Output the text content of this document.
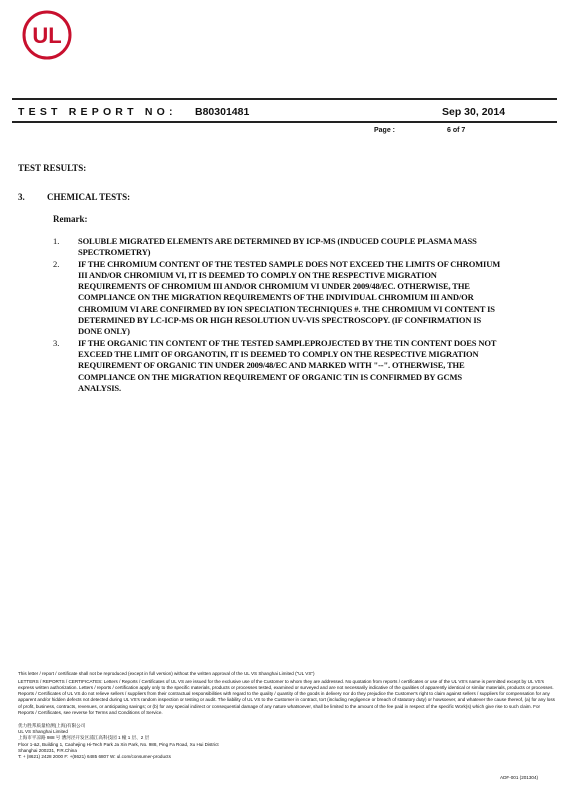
UL
TEST REPORT NO: B80301481	Sep 30, 2014
Page :	6 of 7
TEST RESULTS:
3. CHEMICAL TESTS:
Remark:
1.	SOLUBLE MIGRATED ELEMENTS ARE DETERMINED BY ICP-MS (INDUCED COUPLE PLASMA MASS SPECTROMETRY)
2.	IF THE CHROMIUM CONTENT OF THE TESTED SAMPLE DOES NOT EXCEED THE LIMITS OF CHROMIUM III AND/OR CHROMIUM VI, IT IS DEEMED TO COMPLY ON THE RESPECTIVE MIGRATION REQUIREMENTS OF CHROMIUM III AND/OR CHROMIUM VI UNDER 2009/48/EC. OTHERWISE, THE COMPLIANCE ON THE MIGRATION REQUIREMENTS OF THE INDIVIDUAL CHROMIUM III AND/OR CHROMIUM VI ARE CONFIRMED BY ION SPECIATION TECHNIQUES #. THE CHROMIUM VI CONTENT IS DETERMINED BY LC-ICP-MS OR HIGH RESOLUTION UV-VIS SPECTROSCOPY. (IF CONFIRMATION IS DONE ONLY)
3.	IF THE ORGANIC TIN CONTENT OF THE TESTED SAMPLEPROJECTED BY THE TIN CONTENT DOES NOT EXCEED THE LIMIT OF ORGANOTIN, IT IS DEEMED TO COMPLY ON THE RESPECTIVE MIGRATION REQUIREMENT OF ORGANIC TIN UNDER 2009/48/EC AND MARKED WITH "--". OTHERWISE, THE COMPLIANCE ON THE MIGRATION REQUIREMENT OF ORGANIC TIN IS CONFIRMED BY GCMS ANALYSIS.

This letter / report / certificate shall not be reproduced (except in full version) without the written approval of the UL VS Shanghai Limited ("UL VS")

LETTERS / REPORTS / CERTIFICATES: Letters / Reports / Certificates of UL VS are issued for the exclusive use of the Customer to whom they are addressed. No quotation from reports / certificates or use of the UL VS's name is permitted except by UL VS's express written authorization. Letters / reports / certification apply only to the specific materials, products or processes tested, examined or surveyed and are not necessarily indicative of the qualities of apparently identical or similar materials, products or processes. Reports / Certificates of UL VS do not relieve sellers / suppliers from their contractual responsibilities with regard to the quality / quantity of the goods in delivery nor do they prejudice the Customer's right to claim against sellers / suppliers for compensation for any apparent and/or hidden defects not detected during UL VS's random inspection or testing or audit. The liability of UL VS to the Customer in contract, tort (including negligence or breach of statutory duty) or howsoever, and whatever the cause thereof, (a) for any loss of profit, business, contracts, revenues, or anticipating savings; or (b) for any special indirect or consequential damage of any nature whatsoever, shall be limited to the amount of the fee paid in respect of the specific Work(s) which give rise to such claim. For Reports / Certificates, see reverse for Terms and Conditions of Service.

优力胜邦质量检测(上海)有限公司

UL VS Shanghai Limited

上海市平凉路 988 号 漕河泾开发区浦江高科技园 1 幢 1 层、2 层

Floor 1-&2, Building 1, Caohejing Hi-Tech Park Ja Xin Park, No. 988, Ping Fa Road, Xu Hui District

Shanghai 200231, P.R.China

T: + (8621) 2428 2000 F: +(8621) 6485 6807 W: ul.com/consumer-products

ADF-001 (201304)
